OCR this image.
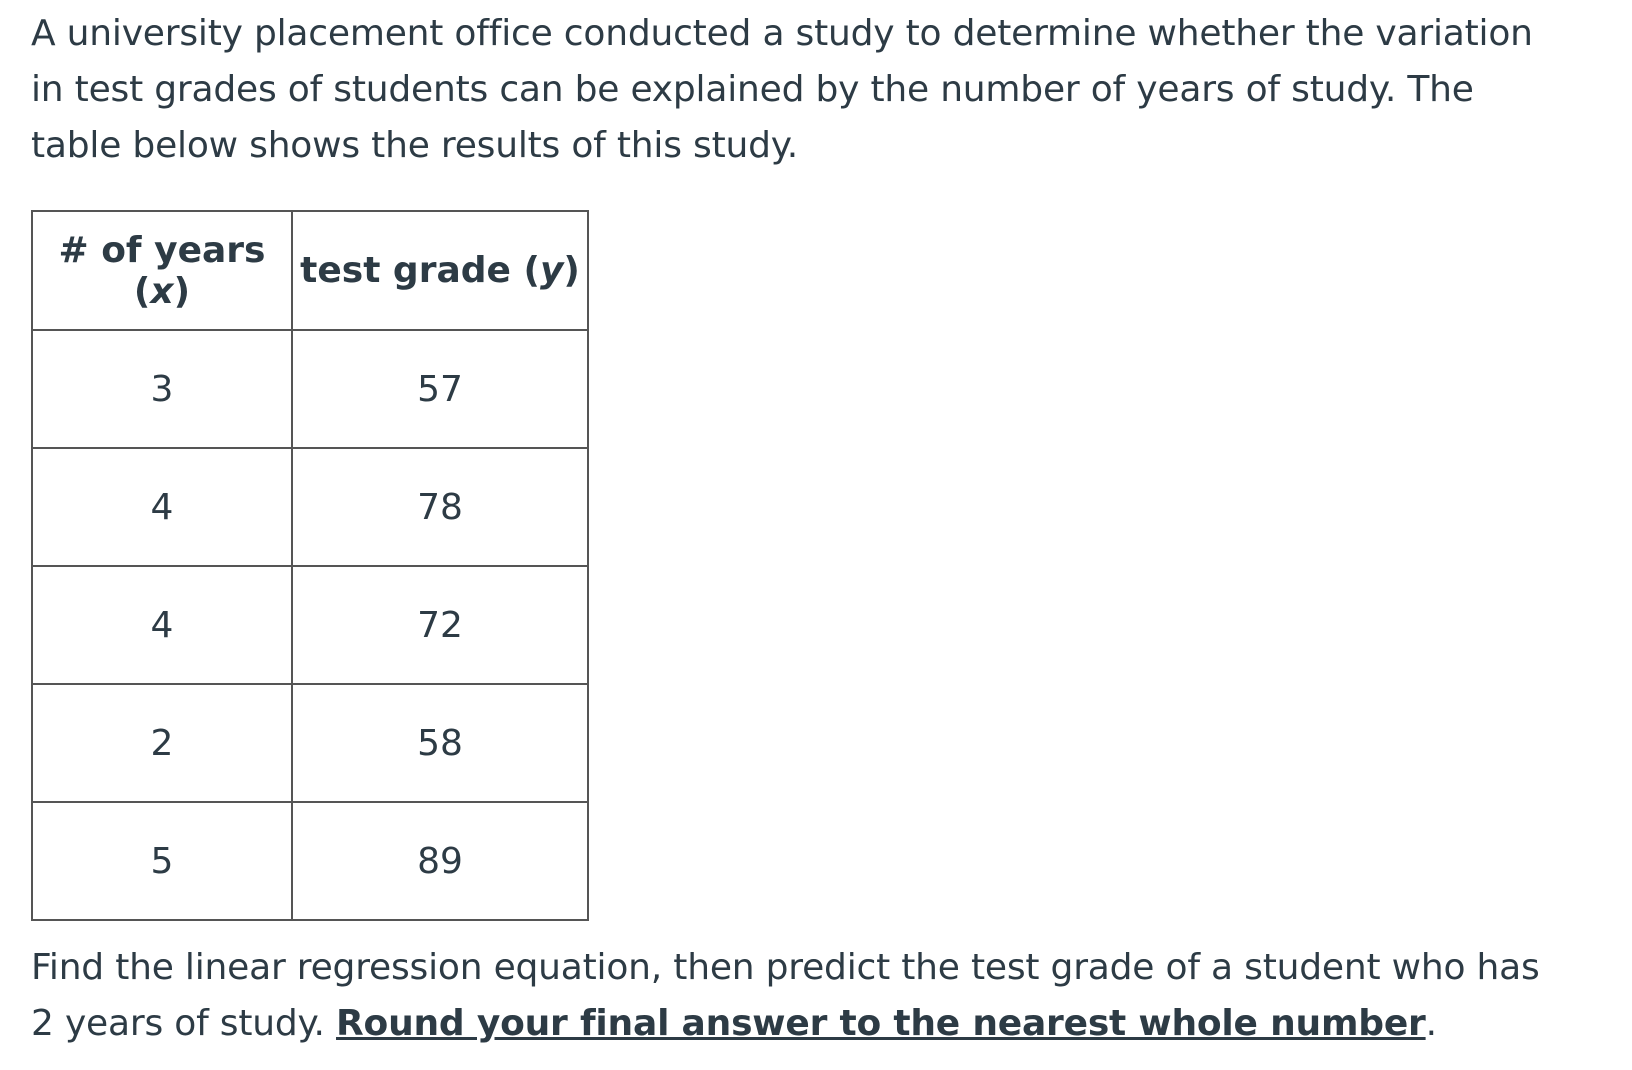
A university placement office conducted a study to determine whether the variation in test grades of students can be explained by the number of years of study. The table below shows the results of this study.

# of years (x)	test grade (y)
3	57
4	78
4	72
2	58
5	89

Find the linear regression equation, then predict the test grade of a student who has 2 years of study. Round your final answer to the nearest whole number.
